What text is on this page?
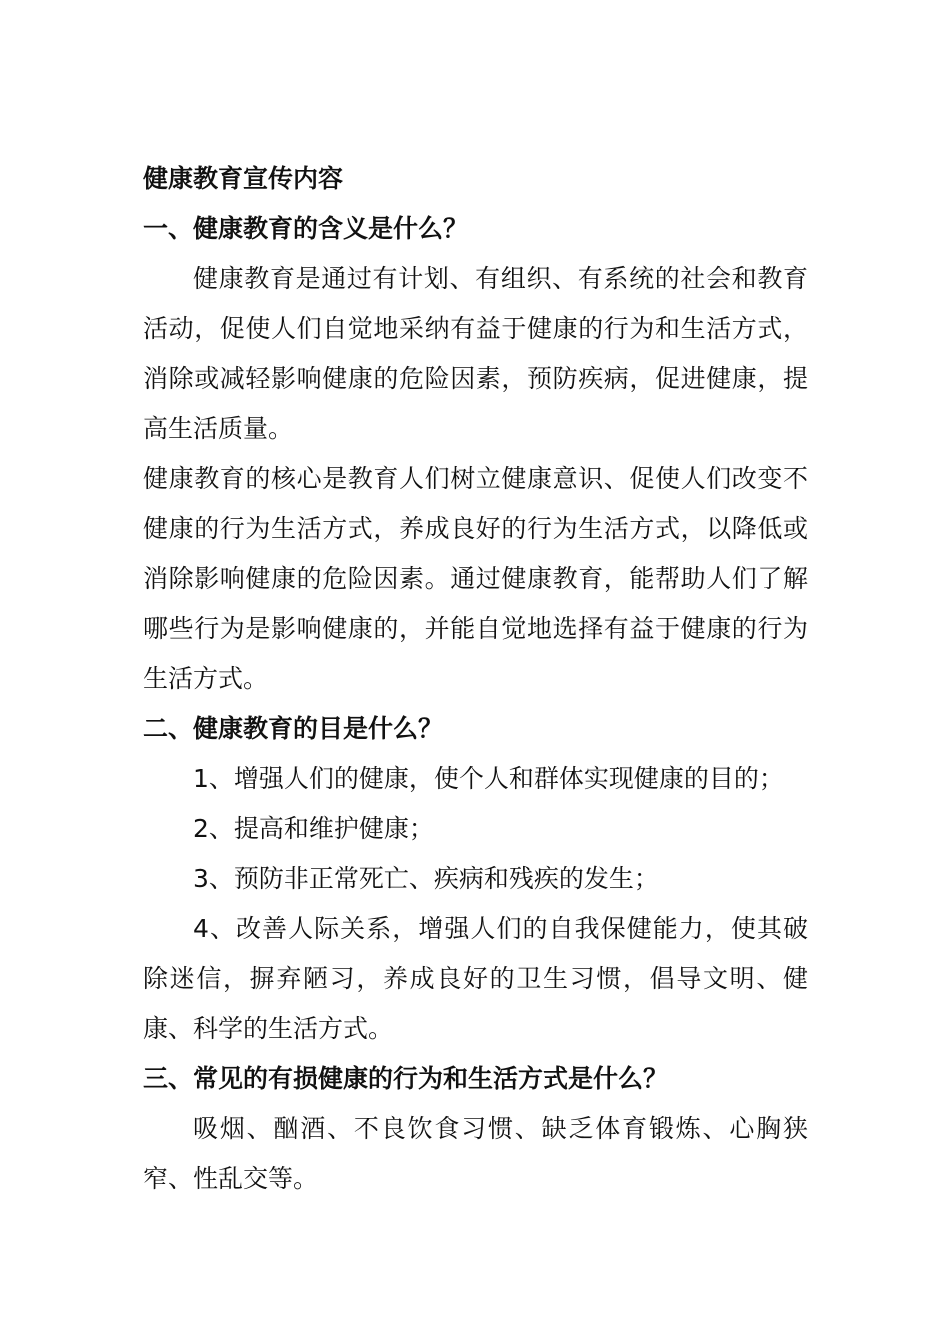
健康教育宣传内容

一、健康教育的含义是什么？

健康教育是通过有计划、有组织、有系统的社会和教育活动，促使人们自觉地采纳有益于健康的行为和生活方式，消除或减轻影响健康的危险因素，预防疾病，促进健康，提高生活质量。

健康教育的核心是教育人们树立健康意识、促使人们改变不健康的行为生活方式，养成良好的行为生活方式，以降低或消除影响健康的危险因素。通过健康教育，能帮助人们了解哪些行为是影响健康的，并能自觉地选择有益于健康的行为生活方式。

二、健康教育的目是什么？

1、增强人们的健康，使个人和群体实现健康的目的；

2、提高和维护健康；

3、预防非正常死亡、疾病和残疾的发生；

4、改善人际关系，增强人们的自我保健能力，使其破除迷信，摒弃陋习，养成良好的卫生习惯，倡导文明、健康、科学的生活方式。

三、常见的有损健康的行为和生活方式是什么？

吸烟、酗酒、不良饮食习惯、缺乏体育锻炼、心胸狭窄、性乱交等。
